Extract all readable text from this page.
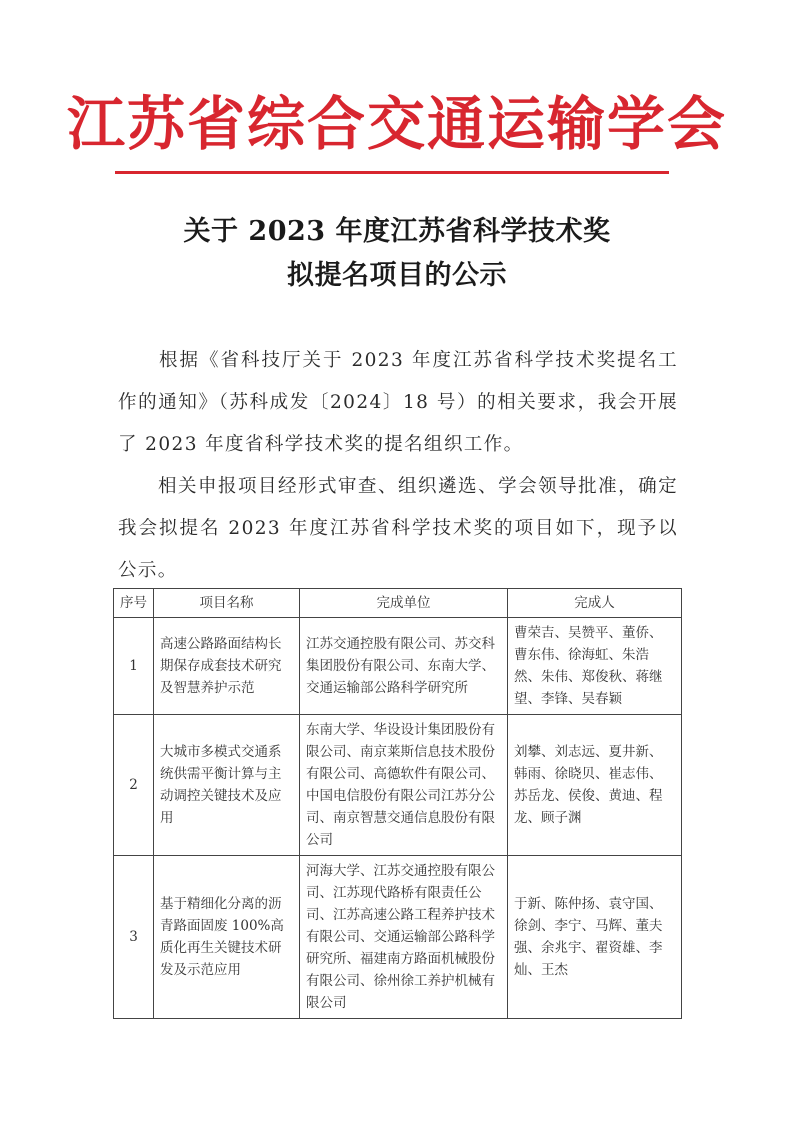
江苏省综合交通运输学会
关于 2023 年度江苏省科学技术奖
拟提名项目的公示
　　根据《省科技厅关于 2023 年度江苏省科学技术奖提名工作的通知》（苏科成发〔2024〕18 号）的相关要求，我会开展了 2023 年度省科学技术奖的提名组织工作。
　　相关申报项目经形式审查、组织遴选、学会领导批准，确定我会拟提名 2023 年度江苏省科学技术奖的项目如下，现予以公示。
序号	项目名称	完成单位	完成人
1	高速公路路面结构长期保存成套技术研究及智慧养护示范	江苏交通控股有限公司、苏交科集团股份有限公司、东南大学、交通运输部公路科学研究所	曹荣吉、吴赞平、董侨、曹东伟、徐海虹、朱浩然、朱伟、郑俊秋、蒋继望、李锋、吴春颖
2	大城市多模式交通系统供需平衡计算与主动调控关键技术及应用	东南大学、华设设计集团股份有限公司、南京莱斯信息技术股份有限公司、高德软件有限公司、中国电信股份有限公司江苏分公司、南京智慧交通信息股份有限公司	刘攀、刘志远、夏井新、韩雨、徐晓贝、崔志伟、苏岳龙、侯俊、黄迪、程龙、顾子渊
3	基于精细化分离的沥青路面固废 100%高质化再生关键技术研发及示范应用	河海大学、江苏交通控股有限公司、江苏现代路桥有限责任公司、江苏高速公路工程养护技术有限公司、交通运输部公路科学研究所、福建南方路面机械股份有限公司、徐州徐工养护机械有限公司	于新、陈仲扬、袁守国、徐剑、李宁、马辉、董夫强、余兆宇、翟资雄、李灿、王杰
